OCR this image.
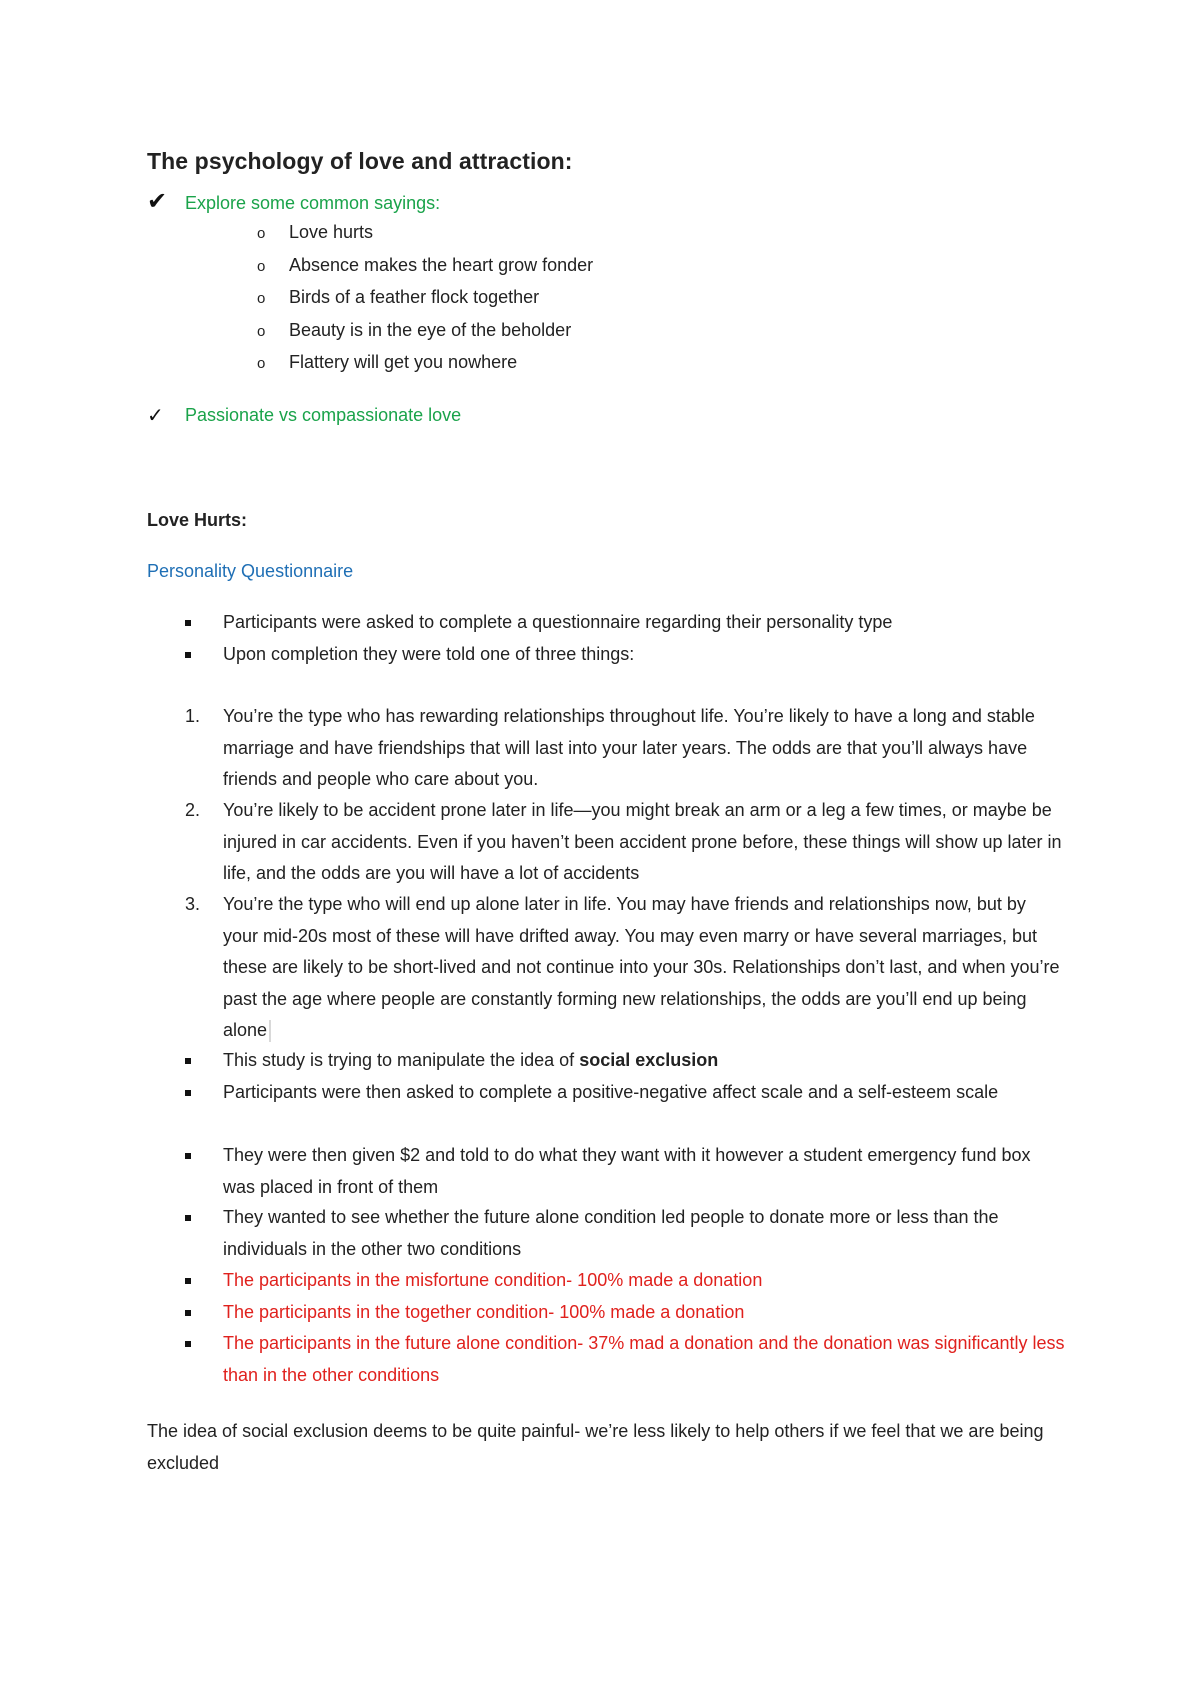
The psychology of love and attraction:
✔ Explore some common sayings:
o Love hurts
o Absence makes the heart grow fonder
o Birds of a feather flock together
o Beauty is in the eye of the beholder
o Flattery will get you nowhere
✓ Passionate vs compassionate love
Love Hurts:
Personality Questionnaire
Participants were asked to complete a questionnaire regarding their personality type
Upon completion they were told one of three things:
1. You’re the type who has rewarding relationships throughout life. You’re likely to have a long and stable marriage and have friendships that will last into your later years. The odds are that you’ll always have friends and people who care about you.
2. You’re likely to be accident prone later in life—you might break an arm or a leg a few times, or maybe be injured in car accidents. Even if you haven’t been accident prone before, these things will show up later in life, and the odds are you will have a lot of accidents
3. You’re the type who will end up alone later in life. You may have friends and relationships now, but by your mid-20s most of these will have drifted away. You may even marry or have several marriages, but these are likely to be short-lived and not continue into your 30s. Relationships don’t last, and when you’re past the age where people are constantly forming new relationships, the odds are you’ll end up being alone
This study is trying to manipulate the idea of social exclusion
Participants were then asked to complete a positive-negative affect scale and a self-esteem scale
They were then given $2 and told to do what they want with it however a student emergency fund box was placed in front of them
They wanted to see whether the future alone condition led people to donate more or less than the individuals in the other two conditions
The participants in the misfortune condition- 100% made a donation
The participants in the together condition- 100% made a donation
The participants in the future alone condition- 37% mad a donation and the donation was significantly less than in the other conditions
The idea of social exclusion deems to be quite painful- we’re less likely to help others if we feel that we are being excluded
